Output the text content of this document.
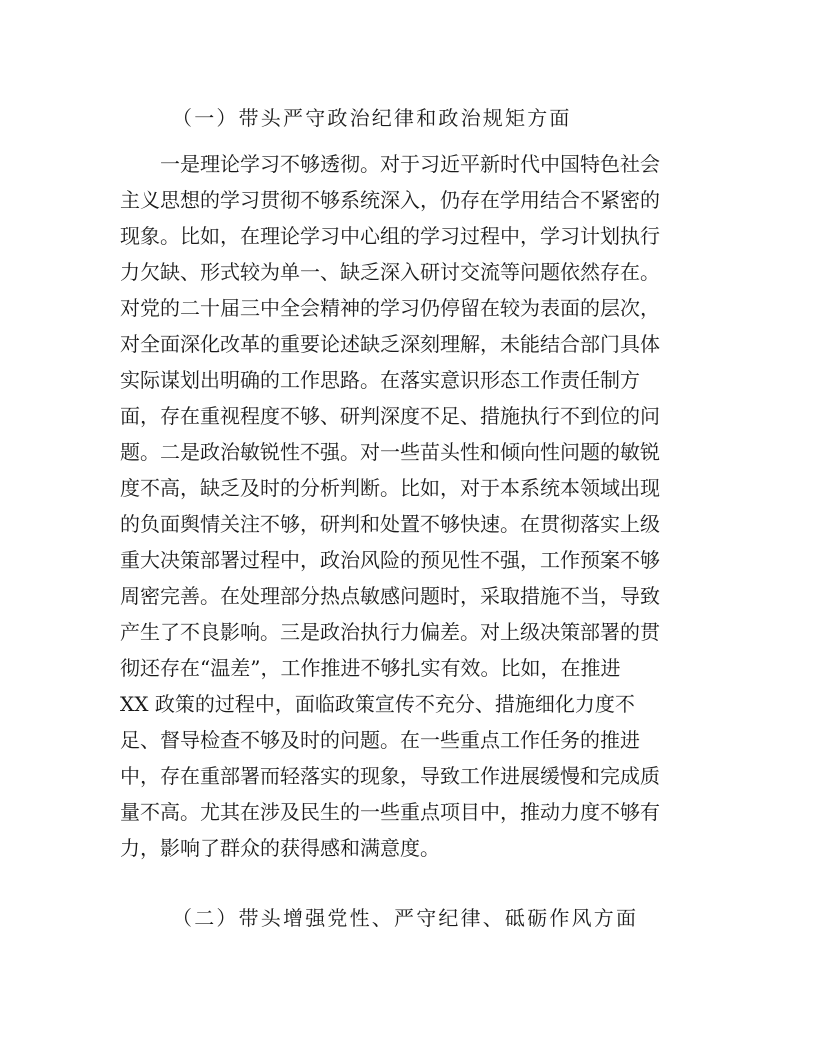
（一）带头严守政治纪律和政治规矩方面
　　一是理论学习不够透彻。对于习近平新时代中国特色社会
主义思想的学习贯彻不够系统深入，仍存在学用结合不紧密的
现象。比如，在理论学习中心组的学习过程中，学习计划执行
力欠缺、形式较为单一、缺乏深入研讨交流等问题依然存在。
对党的二十届三中全会精神的学习仍停留在较为表面的层次，
对全面深化改革的重要论述缺乏深刻理解，未能结合部门具体
实际谋划出明确的工作思路。在落实意识形态工作责任制方
面，存在重视程度不够、研判深度不足、措施执行不到位的问
题。二是政治敏锐性不强。对一些苗头性和倾向性问题的敏锐
度不高，缺乏及时的分析判断。比如，对于本系统本领域出现
的负面舆情关注不够，研判和处置不够快速。在贯彻落实上级
重大决策部署过程中，政治风险的预见性不强，工作预案不够
周密完善。在处理部分热点敏感问题时，采取措施不当，导致
产生了不良影响。三是政治执行力偏差。对上级决策部署的贯
彻还存在“温差”，工作推进不够扎实有效。比如，在推进
XX 政策的过程中，面临政策宣传不充分、措施细化力度不
足、督导检查不够及时的问题。在一些重点工作任务的推进
中，存在重部署而轻落实的现象，导致工作进展缓慢和完成质
量不高。尤其在涉及民生的一些重点项目中，推动力度不够有
力，影响了群众的获得感和满意度。
（二）带头增强党性、严守纪律、砥砺作风方面
